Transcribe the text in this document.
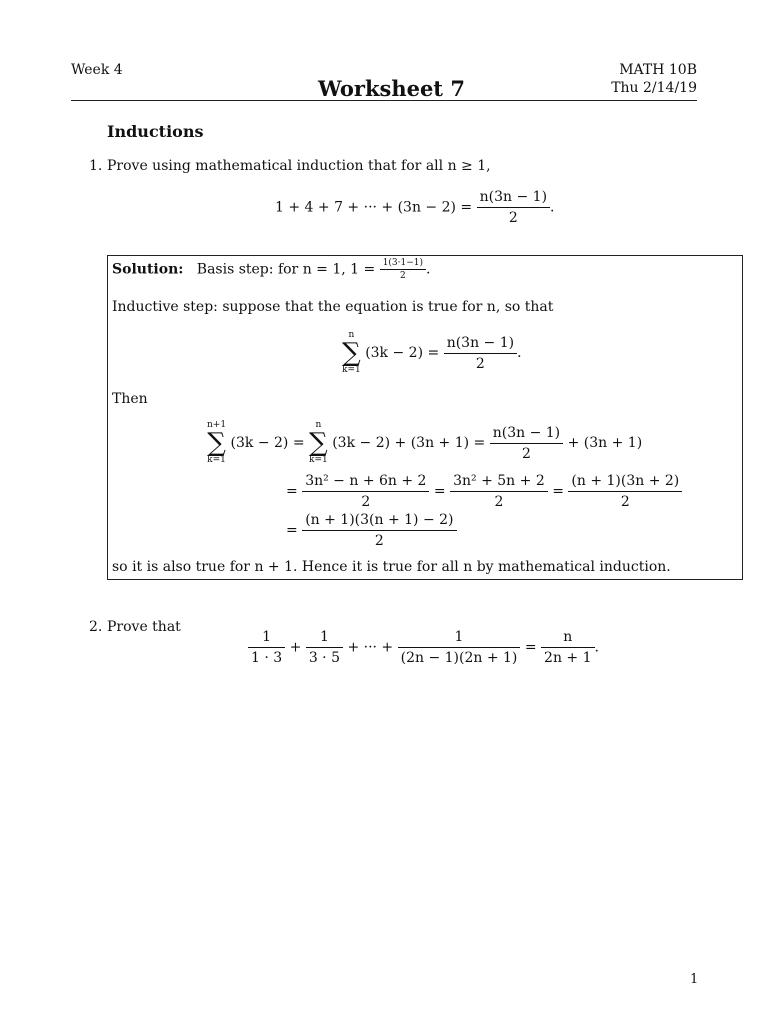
Week 4
Worksheet 7
MATH 10B
Thu 2/14/19
Inductions
1. Prove using mathematical induction that for all n ≥ 1,
1 + 4 + 7 + ··· + $(3n - 2) = \frac{n(3n - 1)}{2}$ .
Solution: Basis step: for n = 1, $1 = \frac{1(3\cdot 1-1)}{2}$ .
Inductive step: suppose that the equation is true for n, so that
n
∑
k=1
$(3k - 2) = \frac{n(3n - 1)}{2}$ .
Then
n+1
∑
k=1
(3k − 2) =
n
∑
k=1
$(3k - 2) + (3n + 1) = \frac{n(3n - 1)}{2} + (3n + 1)$
= $\frac{\text{3n² − n + 6n + 2}}{2} = \frac{\text{3n² + 5n + 2}}{2} = \frac{(n + 1)(3n + 2)}{2}$
= $\frac{(n + 1)(3(n + 1) - 2)}{2}$
so it is also true for n + 1. Hence it is true for all n by mathematical induction.
2. Prove that
$\frac{1}{1 \cdot 3} + \frac{1}{3 \cdot 5}$ + ··· + $\frac{1}{(2n - 1)(2n + 1)} = \frac{n}{2n + 1}$ .
1
